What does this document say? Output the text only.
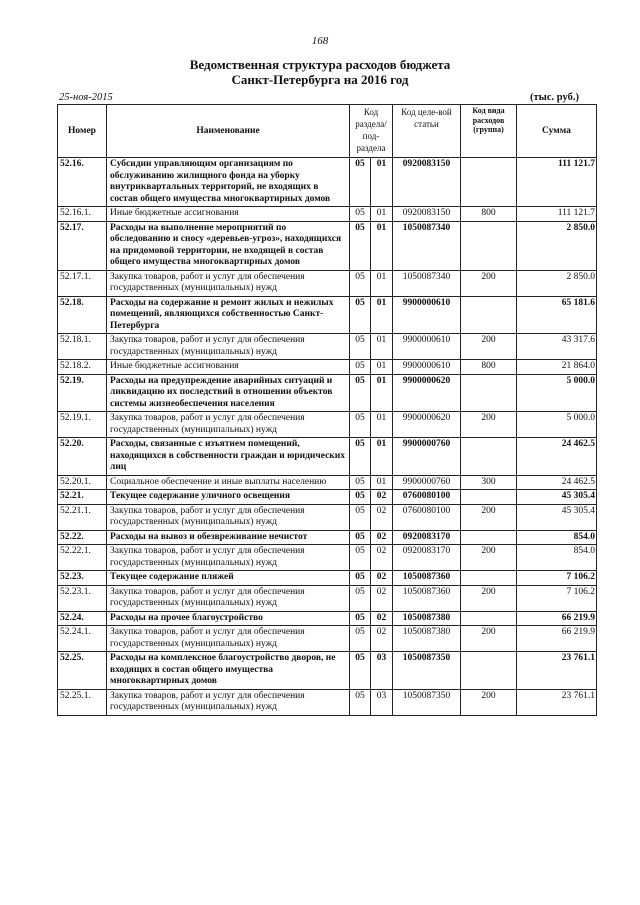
168
Ведомственная структура расходов бюджета
Санкт-Петербурга на 2016 год
25-ноя-2015	(тыс. руб.)
Номер	Наименование	Код раздела/ под-раздела		Код целе-вой статьи	Код вида расходов (группа)	Сумма
52.16.	Субсидии управляющим организациям по обслуживанию жилищного фонда на уборку внутриквартальных территорий, не входящих в состав общего имущества многоквартирных домов	05	01	0920083150		111 121.7
52.16.1.	Иные бюджетные ассигнования	05	01	0920083150	800	111 121.7
52.17.	Расходы на выполнение мероприятий по обследованию и сносу «деревьев-угроз», находящихся на придомовой территории, не входящей в состав общего имущества многоквартирных домов	05	01	1050087340		2 850.0
52.17.1.	Закупка товаров, работ и услуг для обеспечения государственных (муниципальных) нужд	05	01	1050087340	200	2 850.0
52.18.	Расходы на содержание и ремонт жилых и нежилых помещений, являющихся собственностью Санкт-Петербурга	05	01	9900000610		65 181.6
52.18.1.	Закупка товаров, работ и услуг для обеспечения государственных (муниципальных) нужд	05	01	9900000610	200	43 317.6
52.18.2.	Иные бюджетные ассигнования	05	01	9900000610	800	21 864.0
52.19.	Расходы на предупреждение аварийных ситуаций и ликвидацию их последствий в отношении объектов системы жизнеобеспечения населения	05	01	9900000620		5 000.0
52.19.1.	Закупка товаров, работ и услуг для обеспечения государственных (муниципальных) нужд	05	01	9900000620	200	5 000.0
52.20.	Расходы, связанные с изъятием помещений, находящихся в собственности граждан и юридических лиц	05	01	9900000760		24 462.5
52.20.1.	Социальное обеспечение и иные выплаты населению	05	01	9900000760	300	24 462.5
52.21.	Текущее содержание уличного освещения	05	02	0760080100		45 305.4
52.21.1.	Закупка товаров, работ и услуг для обеспечения государственных (муниципальных) нужд	05	02	0760080100	200	45 305.4
52.22.	Расходы на вывоз и обезвреживание нечистот	05	02	0920083170		854.0
52.22.1.	Закупка товаров, работ и услуг для обеспечения государственных (муниципальных) нужд	05	02	0920083170	200	854.0
52.23.	Текущее содержание пляжей	05	02	1050087360		7 106.2
52.23.1.	Закупка товаров, работ и услуг для обеспечения государственных (муниципальных) нужд	05	02	1050087360	200	7 106.2
52.24.	Расходы на прочее благоустройство	05	02	1050087380		66 219.9
52.24.1.	Закупка товаров, работ и услуг для обеспечения государственных (муниципальных) нужд	05	02	1050087380	200	66 219.9
52.25.	Расходы на комплексное благоустройство дворов, не входящих в состав общего имущества многоквартирных домов	05	03	1050087350		23 761.1
52.25.1.	Закупка товаров, работ и услуг для обеспечения государственных (муниципальных) нужд	05	03	1050087350	200	23 761.1
